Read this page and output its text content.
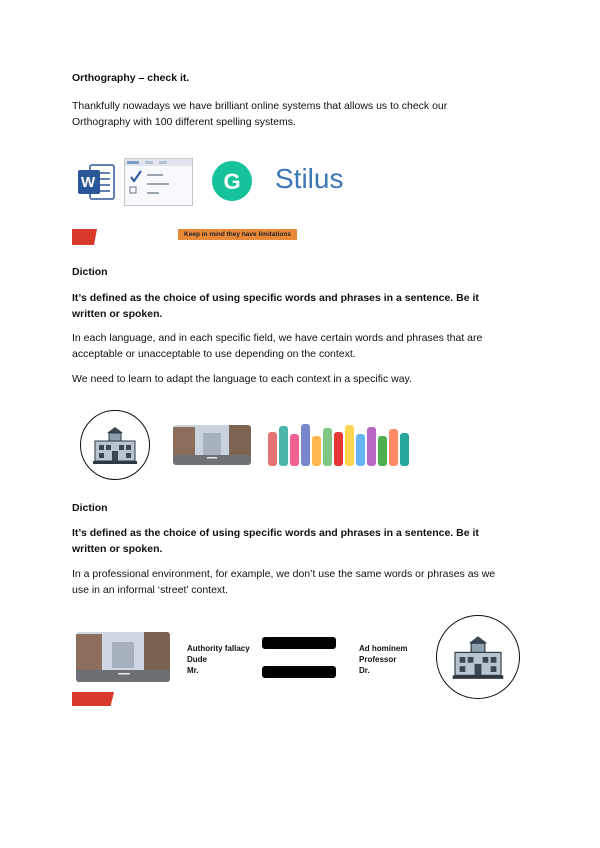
Orthography – check it.
Thankfully nowadays we have brilliant online systems that allows us to check our
Orthography with 100 different spelling systems.
W	G	Stilus
Keep in mind they have limitations
Diction
It’s defined as the choice of using specific words and phrases in a sentence. Be it
written or spoken.
In each language, and in each specific field, we have certain words and phrases that are
acceptable or unacceptable to use depending on the context.
We need to learn to adapt the language to each context in a specific way.
Diction
It’s defined as the choice of using specific words and phrases in a sentence. Be it
written or spoken.
In a professional environment, for example, we don’t use the same words or phrases as we
use in an informal ‘street’ context.
Authority fallacy
Dude
Mr.
Ad hominem
Professor
Dr.
